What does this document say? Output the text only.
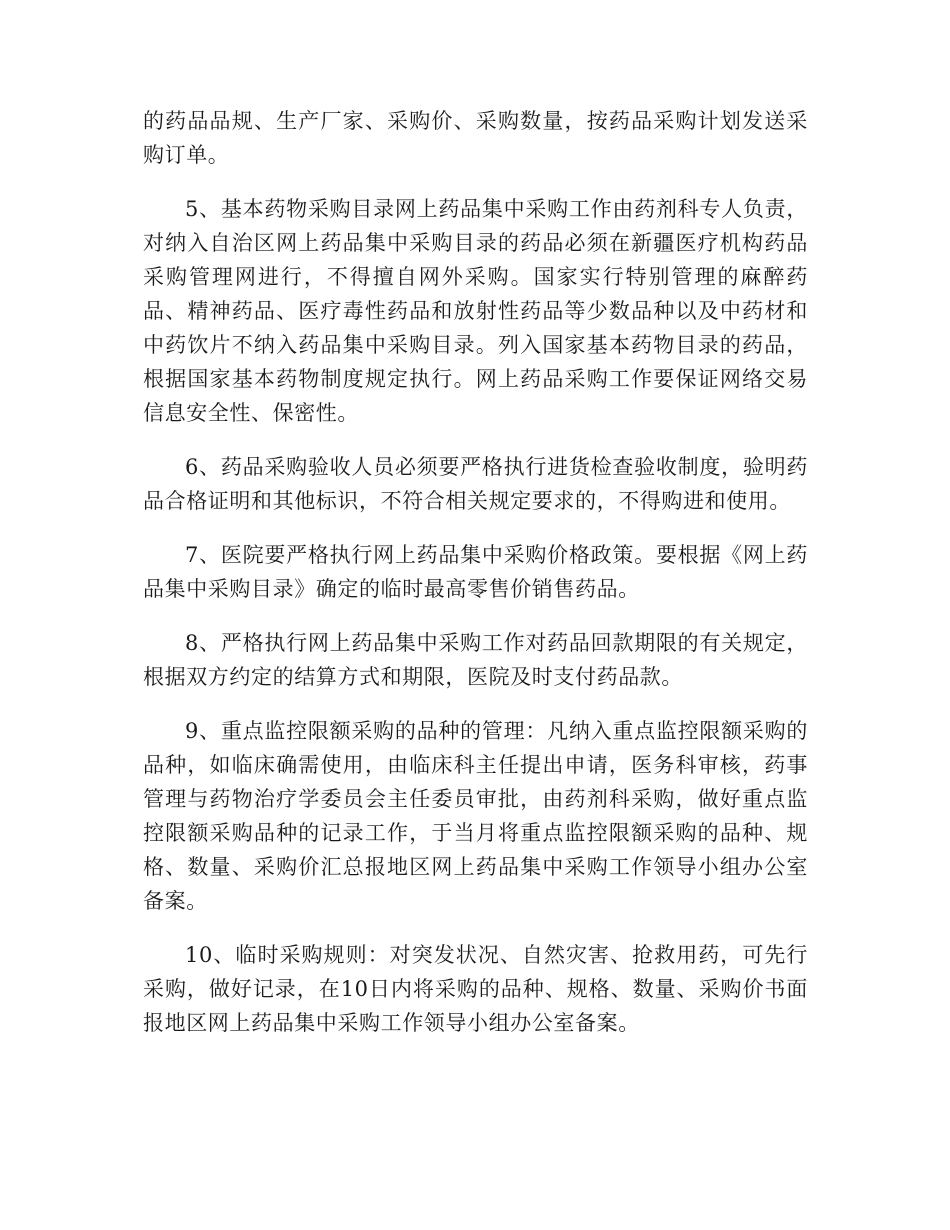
的药品品规、生产厂家、采购价、采购数量，按药品采购计划发送采购订单。

5、基本药物采购目录网上药品集中采购工作由药剂科专人负责，对纳入自治区网上药品集中采购目录的药品必须在新疆医疗机构药品采购管理网进行，不得擅自网外采购。国家实行特别管理的麻醉药品、精神药品、医疗毒性药品和放射性药品等少数品种以及中药材和中药饮片不纳入药品集中采购目录。列入国家基本药物目录的药品，根据国家基本药物制度规定执行。网上药品采购工作要保证网络交易信息安全性、保密性。

6、药品采购验收人员必须要严格执行进货检查验收制度，验明药品合格证明和其他标识，不符合相关规定要求的，不得购进和使用。

7、医院要严格执行网上药品集中采购价格政策。要根据《网上药品集中采购目录》确定的临时最高零售价销售药品。

8、严格执行网上药品集中采购工作对药品回款期限的有关规定，根据双方约定的结算方式和期限，医院及时支付药品款。

9、重点监控限额采购的品种的管理：凡纳入重点监控限额采购的品种，如临床确需使用，由临床科主任提出申请，医务科审核，药事管理与药物治疗学委员会主任委员审批，由药剂科采购，做好重点监控限额采购品种的记录工作，于当月将重点监控限额采购的品种、规格、数量、采购价汇总报地区网上药品集中采购工作领导小组办公室备案。

10、临时采购规则：对突发状况、自然灾害、抢救用药，可先行采购，做好记录，在10日内将采购的品种、规格、数量、采购价书面报地区网上药品集中采购工作领导小组办公室备案。
